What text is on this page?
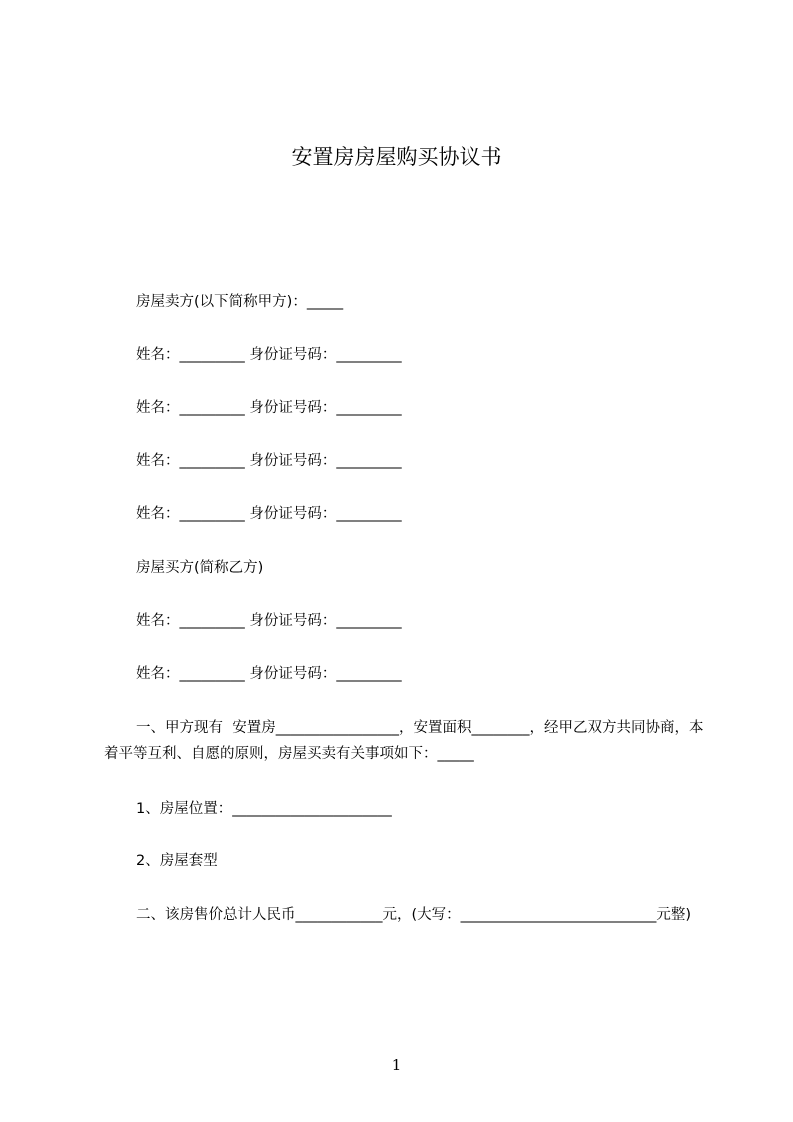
安置房房屋购买协议书

房屋卖方(以下简称甲方)：_____

姓名：_________ 身份证号码：_________

姓名：_________ 身份证号码：_________

姓名：_________ 身份证号码：_________

姓名：_________ 身份证号码：_________

房屋买方(简称乙方)

姓名：_________ 身份证号码：_________

姓名：_________ 身份证号码：_________

一、甲方现有  安置房_________________，安置面积________，经甲乙双方共同协商，本着平等互利、自愿的原则，房屋买卖有关事项如下：_____

1、房屋位置：______________________

2、房屋套型

二、该房售价总计人民币____________元，(大写：___________________________元整)

1
